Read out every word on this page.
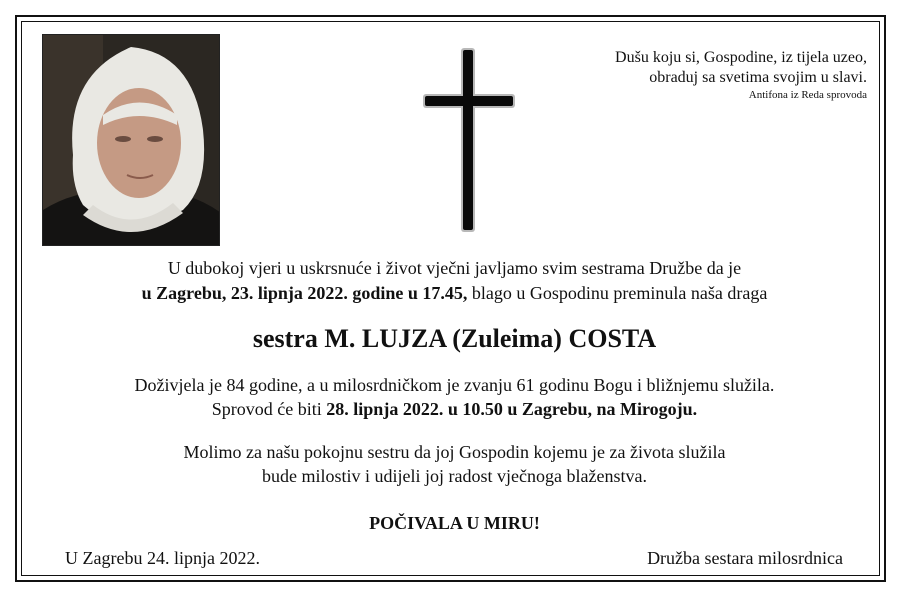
Dušu koju si, Gospodine, iz tijela uzeo,
obraduj sa svetima svojim u slavi.
Antifona iz Reda sprovoda
U dubokoj vjeri u uskrsnuće i život vječni javljamo svim sestrama Družbe da je
u Zagrebu, 23. lipnja 2022. godine u 17.45, blago u Gospodinu preminula naša draga
sestra M. LUJZA (Zuleima) COSTA
Doživjela je 84 godine, a u milosrdničkom je zvanju 61 godinu Bogu i bližnjemu služila.
Sprovod će biti 28. lipnja 2022. u 10.50 u Zagrebu, na Mirogoju.
Molimo za našu pokojnu sestru da joj Gospodin kojemu je za života služila
bude milostiv i udijeli joj radost vječnoga blaženstva.
POČIVALA U MIRU!
U Zagrebu 24. lipnja 2022.	Družba sestara milosrdnica
